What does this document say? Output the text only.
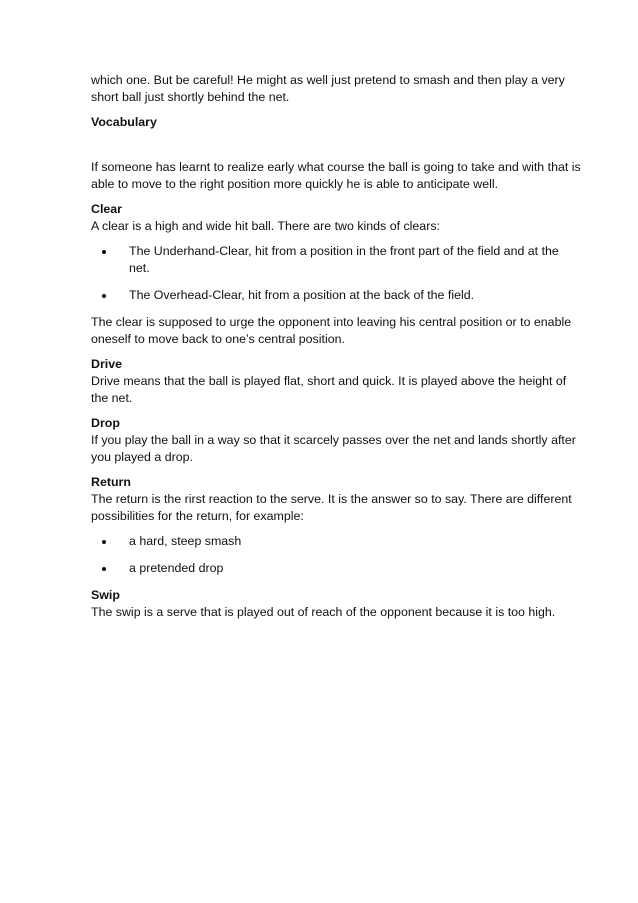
which one. But be careful! He might as well just pretend to smash and then play a very short ball just shortly behind the net.

Vocabulary

If someone has learnt to realize early what course the ball is going to take and with that is able to move to the right position more quickly he is able to anticipate well.

Clear

A clear is a high and wide hit ball. There are two kinds of clears:

The Underhand-Clear, hit from a position in the front part of the field and at the net.
The Overhead-Clear, hit from a position at the back of the field.

The clear is supposed to urge the opponent into leaving his central position or to enable oneself to move back to one’s central position.

Drive

Drive means that the ball is played flat, short and quick. It is played above the height of the net.

Drop

If you play the ball in a way so that it scarcely passes over the net and lands shortly after you played a drop.

Return

The return is the rirst reaction to the serve. It is the answer so to say. There are different possibilities for the return, for example:

a hard, steep smash
a pretended drop

Swip

The swip is a serve that is played out of reach of the opponent because it is too high.
